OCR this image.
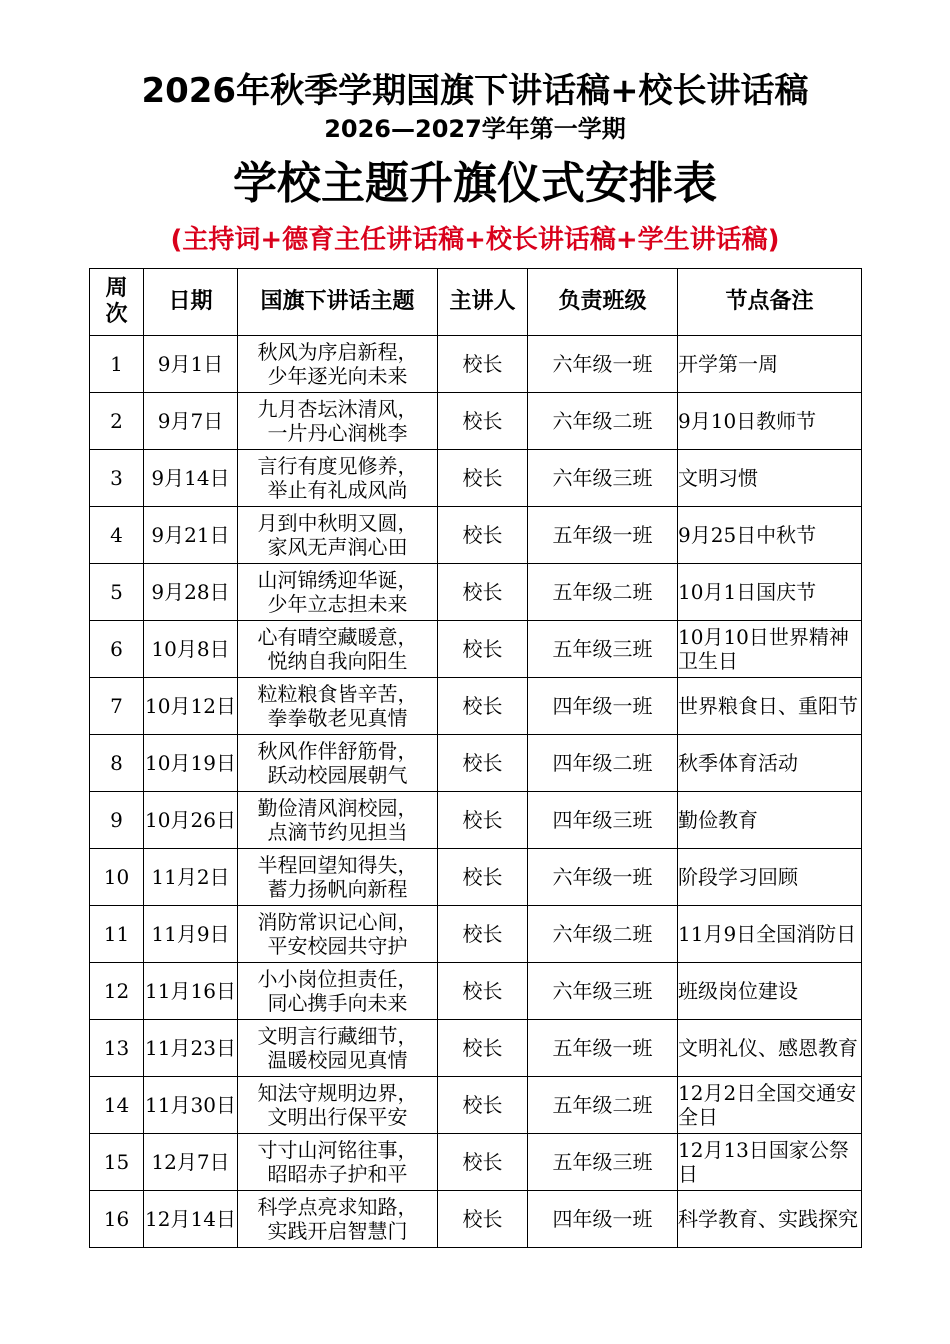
2026年秋季学期国旗下讲话稿+校长讲话稿
2026—2027学年第一学期
学校主题升旗仪式安排表
(主持词+德育主任讲话稿+校长讲话稿+学生讲话稿)
周次	日期	国旗下讲话主题	主讲人	负责班级	节点备注
1	9月1日	秋风为序启新程，
少年逐光向未来	校长	六年级一班	开学第一周
2	9月7日	九月杏坛沐清风，
一片丹心润桃李	校长	六年级二班	9月10日教师节
3	9月14日	言行有度见修养，
举止有礼成风尚	校长	六年级三班	文明习惯
4	9月21日	月到中秋明又圆，
家风无声润心田	校长	五年级一班	9月25日中秋节
5	9月28日	山河锦绣迎华诞，
少年立志担未来	校长	五年级二班	10月1日国庆节
6	10月8日	心有晴空藏暖意，
悦纳自我向阳生	校长	五年级三班	10月10日世界精神卫生日
7	10月12日	粒粒粮食皆辛苦，
拳拳敬老见真情	校长	四年级一班	世界粮食日、重阳节
8	10月19日	秋风作伴舒筋骨，
跃动校园展朝气	校长	四年级二班	秋季体育活动
9	10月26日	勤俭清风润校园，
点滴节约见担当	校长	四年级三班	勤俭教育
10	11月2日	半程回望知得失，
蓄力扬帆向新程	校长	六年级一班	阶段学习回顾
11	11月9日	消防常识记心间，
平安校园共守护	校长	六年级二班	11月9日全国消防日
12	11月16日	小小岗位担责任，
同心携手向未来	校长	六年级三班	班级岗位建设
13	11月23日	文明言行藏细节，
温暖校园见真情	校长	五年级一班	文明礼仪、感恩教育
14	11月30日	知法守规明边界，
文明出行保平安	校长	五年级二班	12月2日全国交通安全日
15	12月7日	寸寸山河铭往事，
昭昭赤子护和平	校长	五年级三班	12月13日国家公祭日
16	12月14日	科学点亮求知路，
实践开启智慧门	校长	四年级一班	科学教育、实践探究
